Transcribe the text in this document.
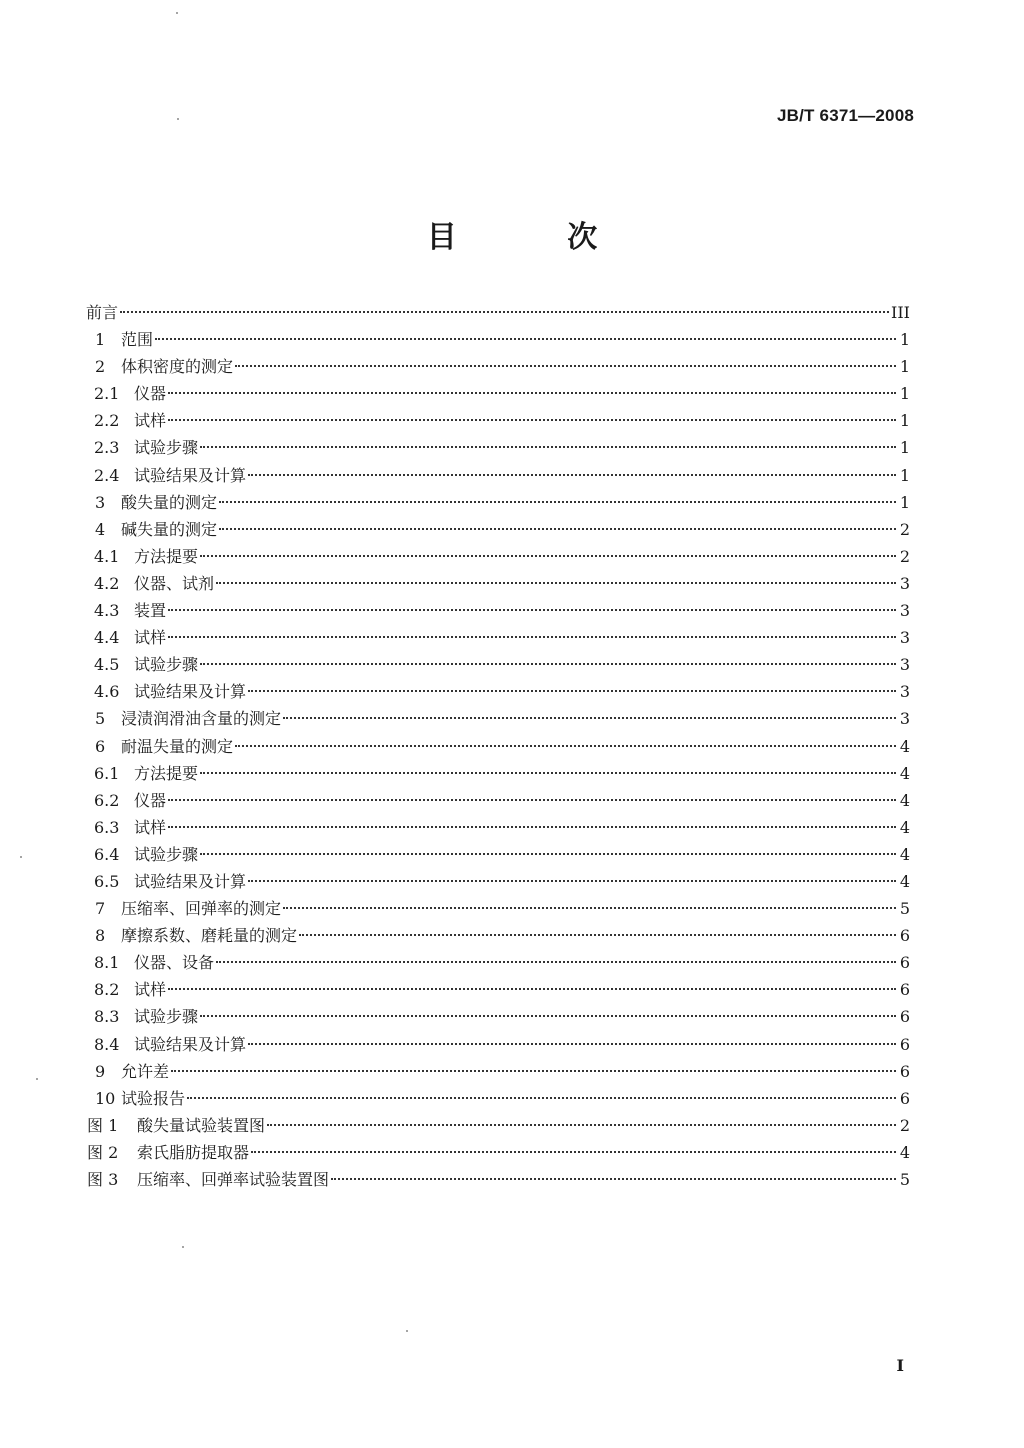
JB/T 6371—2008
目 次
前言	III
1 范围	1
2 体积密度的测定	1
2.1 仪器	1
2.2 试样	1
2.3 试验步骤	1
2.4 试验结果及计算	1
3 酸失量的测定	1
4 碱失量的测定	2
4.1 方法提要	2
4.2 仪器、试剂	3
4.3 装置	3
4.4 试样	3
4.5 试验步骤	3
4.6 试验结果及计算	3
5 浸渍润滑油含量的测定	3
6 耐温失量的测定	4
6.1 方法提要	4
6.2 仪器	4
6.3 试样	4
6.4 试验步骤	4
6.5 试验结果及计算	4
7 压缩率、回弹率的测定	5
8 摩擦系数、磨耗量的测定	6
8.1 仪器、设备	6
8.2 试样	6
8.3 试验步骤	6
8.4 试验结果及计算	6
9 允许差	6
10 试验报告	6
图 1	酸失量试验装置图	2
图 2	索氏脂肪提取器	4
图 3	压缩率、回弹率试验装置图	5
I
